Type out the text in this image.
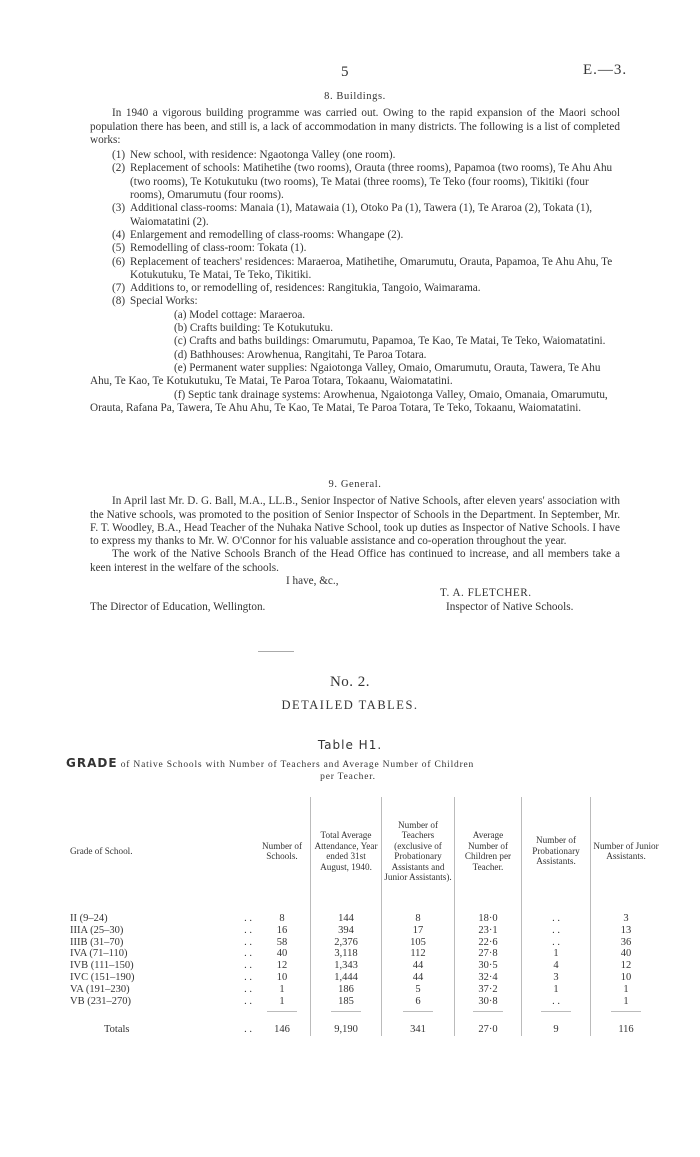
5	E.—3.
8. Buildings.

In 1940 a vigorous building programme was carried out. Owing to the rapid expansion of the Maori school population there has been, and still is, a lack of accommodation in many districts. The following is a list of completed works:

(1) New school, with residence: Ngaotonga Valley (one room).
(2) Replacement of schools: Matihetihe (two rooms), Orauta (three rooms), Papamoa (two rooms), Te Ahu Ahu (two rooms), Te Kotukutuku (two rooms), Te Matai (three rooms), Te Teko (four rooms), Tikitiki (four rooms), Omarumutu (four rooms).
(3) Additional class-rooms: Manaia (1), Matawaia (1), Otoko Pa (1), Tawera (1), Te Araroa (2), Tokata (1), Waiomatatini (2).
(4) Enlargement and remodelling of class-rooms: Whangape (2).
(5) Remodelling of class-room: Tokata (1).
(6) Replacement of teachers' residences: Maraeroa, Matihetihe, Omarumutu, Orauta, Papamoa, Te Ahu Ahu, Te Kotukutuku, Te Matai, Te Teko, Tikitiki.
(7) Additions to, or remodelling of, residences: Rangitukia, Tangoio, Waimarama.
(8) Special Works:
(a) Model cottage: Maraeroa.
(b) Crafts building: Te Kotukutuku.
(c) Crafts and baths buildings: Omarumutu, Papamoa, Te Kao, Te Matai, Te Teko, Waiomatatini.
(d) Bathhouses: Arowhenua, Rangitahi, Te Paroa Totara.
(e) Permanent water supplies: Ngaiotonga Valley, Omaio, Omarumutu, Orauta, Tawera, Te Ahu Ahu, Te Kao, Te Kotukutuku, Te Matai, Te Paroa Totara, Tokaanu, Waiomatatini.
(f) Septic tank drainage systems: Arowhenua, Ngaiotonga Valley, Omaio, Omanaia, Omarumutu, Orauta, Rafana Pa, Tawera, Te Ahu Ahu, Te Kao, Te Matai, Te Paroa Totara, Te Teko, Tokaanu, Waiomatatini.
9. General.

In April last Mr. D. G. Ball, M.A., LL.B., Senior Inspector of Native Schools, after eleven years' association with the Native schools, was promoted to the position of Senior Inspector of Schools in the Department. In September, Mr. F. T. Woodley, B.A., Head Teacher of the Nuhaka Native School, took up duties as Inspector of Native Schools. I have to express my thanks to Mr. W. O'Connor for his valuable assistance and co-operation throughout the year.

The work of the Native Schools Branch of the Head Office has continued to increase, and all members take a keen interest in the welfare of the schools.

I have, &c.,
T. A. FLETCHER.
The Director of Education, Wellington.	Inspector of Native Schools.
No. 2.
DETAILED TABLES.
Table H1.
GRADE of Native Schools with Number of Teachers and Average Number of Children
per Teacher.
Grade of School.	Number of Schools.	Total Average Attendance, Year ended 31st August, 1940.	Number of Teachers (exclusive of Probationary Assistants and Junior Assistants).	Average Number of Children per Teacher.	Number of Probationary Assistants.	Number of Junior Assistants.

II (9–24) . .	8	144	8	18·0	. .	3
IIIA (25–30) . .	16	394	17	23·1	. .	13
IIIB (31–70) . .	58	2,376	105	22·6	. .	36
IVA (71–110) . .	40	3,118	112	27·8	1	40
IVB (111–150) . .	12	1,343	44	30·5	4	12
IVC (151–190) . .	10	1,444	44	32·4	3	10
VA (191–230) . .	1	186	5	37·2	1	1
VB (231–270) . .	1	185	6	30·8	. .	1

Totals . .	146	9,190	341	27·0	9	116
